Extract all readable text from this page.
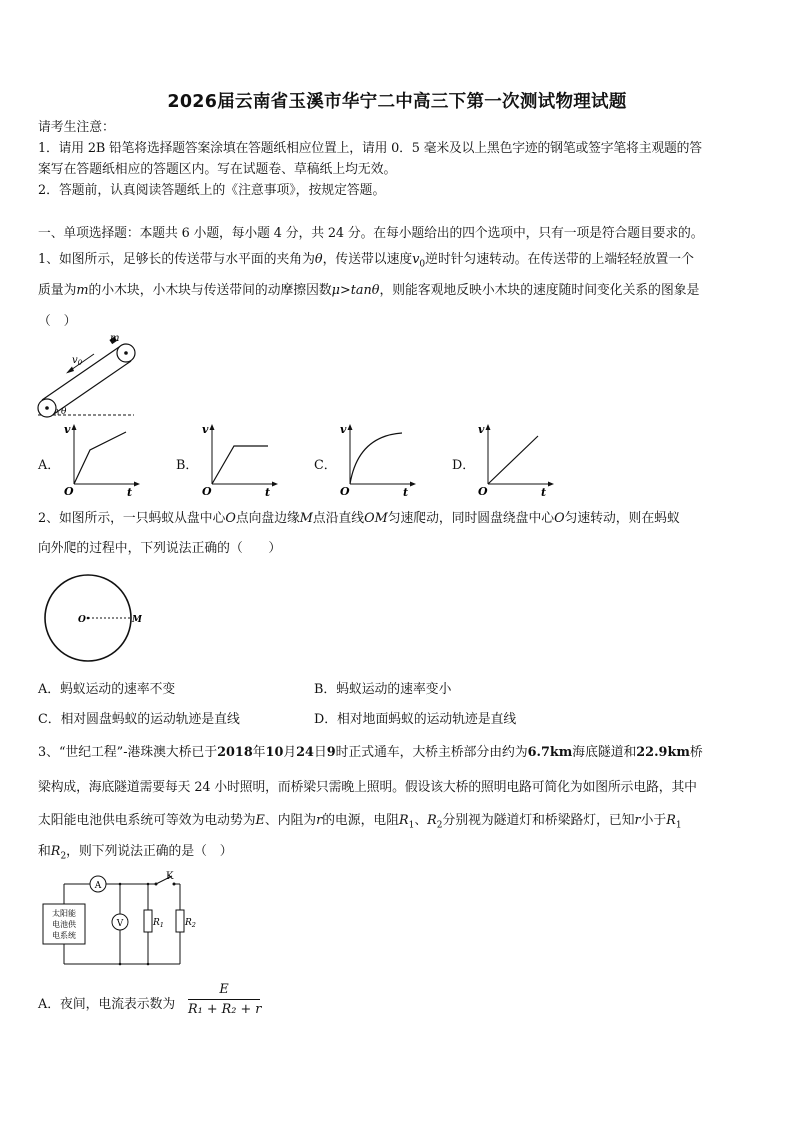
2026届云南省玉溪市华宁二中高三下第一次测试物理试题
请考生注意：
1．请用 2B 铅笔将选择题答案涂填在答题纸相应位置上，请用 0．5 毫米及以上黑色字迹的钢笔或签字笔将主观题的答
案写在答题纸相应的答题区内。写在试题卷、草稿纸上均无效。
2．答题前，认真阅读答题纸上的《注意事项》，按规定答题。
一、单项选择题：本题共 6 小题，每小题 4 分，共 24 分。在每小题给出的四个选项中，只有一项是符合题目要求的。
1、如图所示，足够长的传送带与水平面的夹角为θ，传送带以速度$v_0$逆时针匀速转动。在传送带的上端轻轻放置一个
质量为m的小木块，小木块与传送带间的动摩擦因数μ>tanθ，则能客观地反映小木块的速度随时间变化关系的图象是
（　）
m
$v_0$
θ
A．	B．	C．	D．
v
t
O
v
t
O
v
t
O
v
t
O
2、如图所示，一只蚂蚁从盘中心O点向盘边缘M点沿直线OM匀速爬动，同时圆盘绕盘中心O匀速转动，则在蚂蚁
向外爬的过程中，下列说法正确的（　　）
O	M
A．蚂蚁运动的速率不变	B．蚂蚁运动的速率变小
C．相对圆盘蚂蚁的运动轨迹是直线	D．相对地面蚂蚁的运动轨迹是直线
3、“世纪工程”-港珠澳大桥已于2018年10月24日9时正式通车，大桥主桥部分由约为6.7km海底隧道和22.9km桥
梁构成，海底隧道需要每天 24 小时照明，而桥梁只需晚上照明。假设该大桥的照明电路可简化为如图所示电路，其中
太阳能电池供电系统可等效为电动势为E、内阻为r的电源，电阻$R_1$、$R_2$分别视为隧道灯和桥梁路灯，已知r小于$R_1$
和$R_2$，则下列说法正确的是（　）
K
太阳能
电池供
电系统
A
V	$R_1$ $R_2$
A．夜间，电流表示数为 $\frac{E}{\text{R₁ + R₂ + r}}$
